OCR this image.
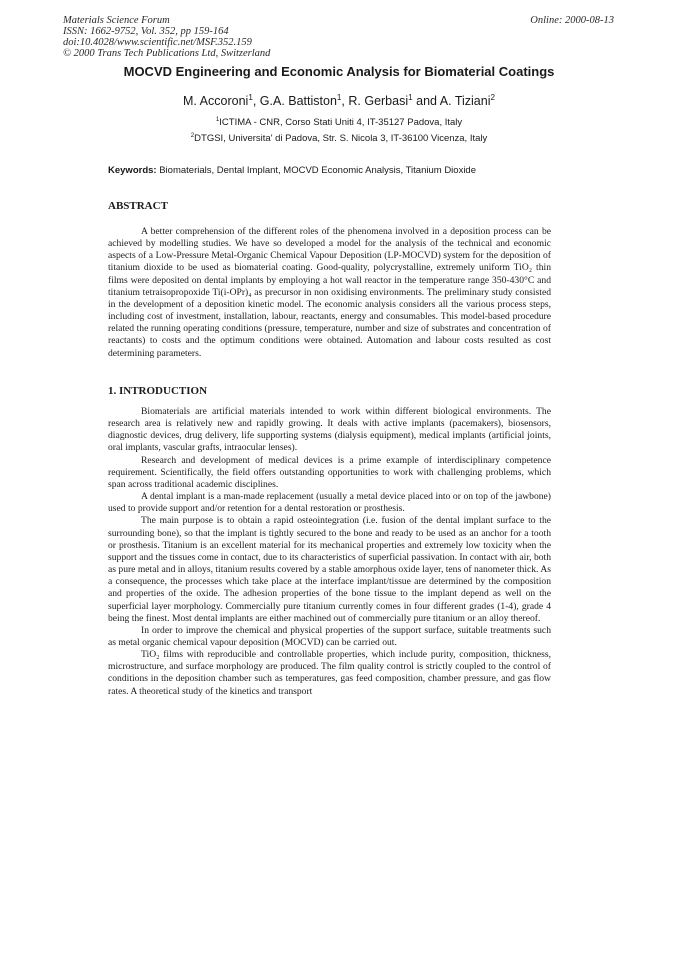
Materials Science Forum
ISSN: 1662-9752, Vol. 352, pp 159-164
doi:10.4028/www.scientific.net/MSF.352.159
© 2000 Trans Tech Publications Ltd, Switzerland
Online: 2000-08-13
MOCVD Engineering and Economic Analysis for Biomaterial Coatings
M. Accoroni$^1$, G.A. Battiston$^1$, R. Gerbasi$^1$ and A. Tiziani$^2$
$^1$ICTIMA - CNR, Corso Stati Uniti 4, IT-35127 Padova, Italy
$^2$DTGSI, Universita' di Padova, Str. S. Nicola 3, IT-36100 Vicenza, Italy
Keywords: Biomaterials, Dental Implant, MOCVD Economic Analysis, Titanium Dioxide
ABSTRACT

A better comprehension of the different roles of the phenomena involved in a deposition process can be achieved by modelling studies. We have so developed a model for the analysis of the technical and economic aspects of a Low-Pressure Metal-Organic Chemical Vapour Deposition (LP-MOCVD) system for the deposition of titanium dioxide to be used as biomaterial coating. Good-quality, polycrystalline, extremely uniform TiO₂ thin films were deposited on dental implants by employing a hot wall reactor in the temperature range 350-430°C and titanium tetraisopropoxide Ti(i-OPr)₄ as precursor in non oxidising environments. The preliminary study consisted in the development of a deposition kinetic model. The economic analysis considers all the various process steps, including cost of investment, installation, labour, reactants, energy and consumables. This model-based procedure related the running operating conditions (pressure, temperature, number and size of substrates and concentration of reactants) to costs and the optimum conditions were obtained. Automation and labour costs resulted as cost determining parameters.

1. INTRODUCTION

Biomaterials are artificial materials intended to work within different biological environments. The research area is relatively new and rapidly growing. It deals with active implants (pacemakers), biosensors, diagnostic devices, drug delivery, life supporting systems (dialysis equipment), medical implants (artificial joints, oral implants, vascular grafts, intraocular lenses).

Research and development of medical devices is a prime example of interdisciplinary competence requirement. Scientifically, the field offers outstanding opportunities to work with challenging problems, which span across traditional academic disciplines.

A dental implant is a man-made replacement (usually a metal device placed into or on top of the jawbone) used to provide support and/or retention for a dental restoration or prosthesis.

The main purpose is to obtain a rapid osteointegration (i.e. fusion of the dental implant surface to the surrounding bone), so that the implant is tightly secured to the bone and ready to be used as an anchor for a tooth or prosthesis. Titanium is an excellent material for its mechanical properties and extremely low toxicity when the support and the tissues come in contact, due to its characteristics of superficial passivation. In contact with air, both as pure metal and in alloys, titanium results covered by a stable amorphous oxide layer, tens of nanometer thick. As a consequence, the processes which take place at the interface implant/tissue are determined by the composition and properties of the oxide. The adhesion properties of the bone tissue to the implant depend as well on the superficial layer morphology. Commercially pure titanium currently comes in four different grades (1-4), grade 4 being the finest. Most dental implants are either machined out of commercially pure titanium or an alloy thereof.

In order to improve the chemical and physical properties of the support surface, suitable treatments such as metal organic chemical vapour deposition (MOCVD) can be carried out.

TiO₂ films with reproducible and controllable properties, which include purity, composition, thickness, microstructure, and surface morphology are produced. The film quality control is strictly coupled to the control of conditions in the deposition chamber such as temperatures, gas feed composition, chamber pressure, and gas flow rates. A theoretical study of the kinetics and transport
